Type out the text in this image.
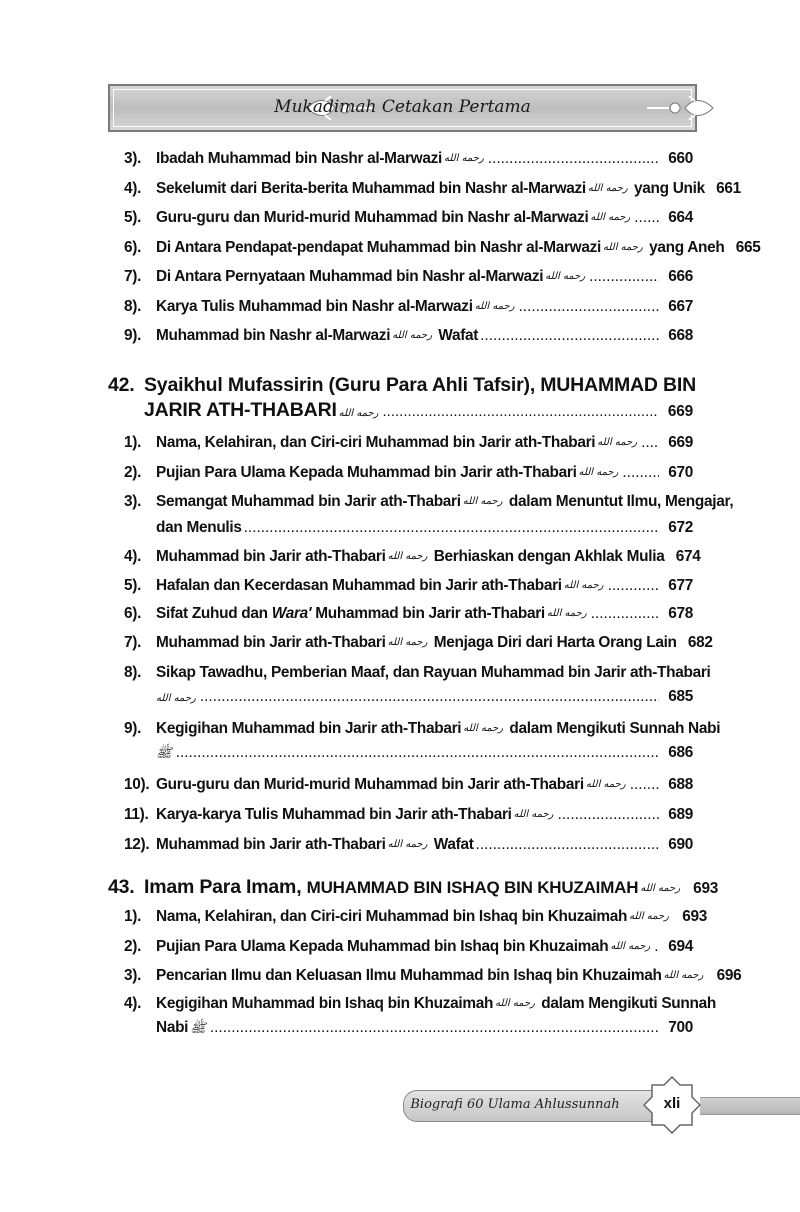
Mukadimah Cetakan Pertama
3). Ibadah Muhammad bin Nashr al-Marwazi رحمه الله .....	660
4). Sekelumit dari Berita-berita Muhammad bin Nashr al-Marwazi رحمه الله yang Unik 661
5). Guru-guru dan Murid-murid Muhammad bin Nashr al-Marwazi رحمه الله .....	664
6). Di Antara Pendapat-pendapat Muhammad bin Nashr al-Marwazi رحمه الله yang Aneh 665
7). Di Antara Pernyataan Muhammad bin Nashr al-Marwazi رحمه الله .....	666
8). Karya Tulis Muhammad bin Nashr al-Marwazi رحمه الله .....	667
9). Muhammad bin Nashr al-Marwazi رحمه الله Wafat .....	668
42. Syaikhul Mufassirin (Guru Para Ahli Tafsir), MUHAMMAD BIN
JARIR ATH-THABARI رحمه الله .....	669
1). Nama, Kelahiran, dan Ciri-ciri Muhammad bin Jarir ath-Thabari رحمه الله .....	669
2). Pujian Para Ulama Kepada Muhammad bin Jarir ath-Thabari رحمه الله .....	670
3). Semangat Muhammad bin Jarir ath-Thabari رحمه الله dalam Menuntut Ilmu, Mengajar,
dan Menulis .....	672
4). Muhammad bin Jarir ath-Thabari رحمه الله Berhiaskan dengan Akhlak Mulia 674
5). Hafalan dan Kecerdasan Muhammad bin Jarir ath-Thabari رحمه الله .....	677
6). Sifat Zuhud dan Wara' Muhammad bin Jarir ath-Thabari رحمه الله .....	678
7). Muhammad bin Jarir ath-Thabari رحمه الله Menjaga Diri dari Harta Orang Lain 682
8). Sikap Tawadhu, Pemberian Maaf, dan Rayuan Muhammad bin Jarir ath-Thabari
رحمه الله .....	685
9). Kegigihan Muhammad bin Jarir ath-Thabari رحمه الله dalam Mengikuti Sunnah Nabi
ﷺ .....	686
10). Guru-guru dan Murid-murid Muhammad bin Jarir ath-Thabari رحمه الله .....	688
11). Karya-karya Tulis Muhammad bin Jarir ath-Thabari رحمه الله .....	689
12). Muhammad bin Jarir ath-Thabari رحمه الله Wafat .....	690
43. Imam Para Imam, MUHAMMAD BIN ISHAQ BIN KHUZAIMAH رحمه الله 693
1). Nama, Kelahiran, dan Ciri-ciri Muhammad bin Ishaq bin Khuzaimah رحمه الله 693
2). Pujian Para Ulama Kepada Muhammad bin Ishaq bin Khuzaimah رحمه الله .....	694
3). Pencarian Ilmu dan Keluasan Ilmu Muhammad bin Ishaq bin Khuzaimah رحمه الله 696
4). Kegigihan Muhammad bin Ishaq bin Khuzaimah رحمه الله dalam Mengikuti Sunnah
Nabi ﷺ .....	700
Biografi 60 Ulama Ahlussunnah	xli
